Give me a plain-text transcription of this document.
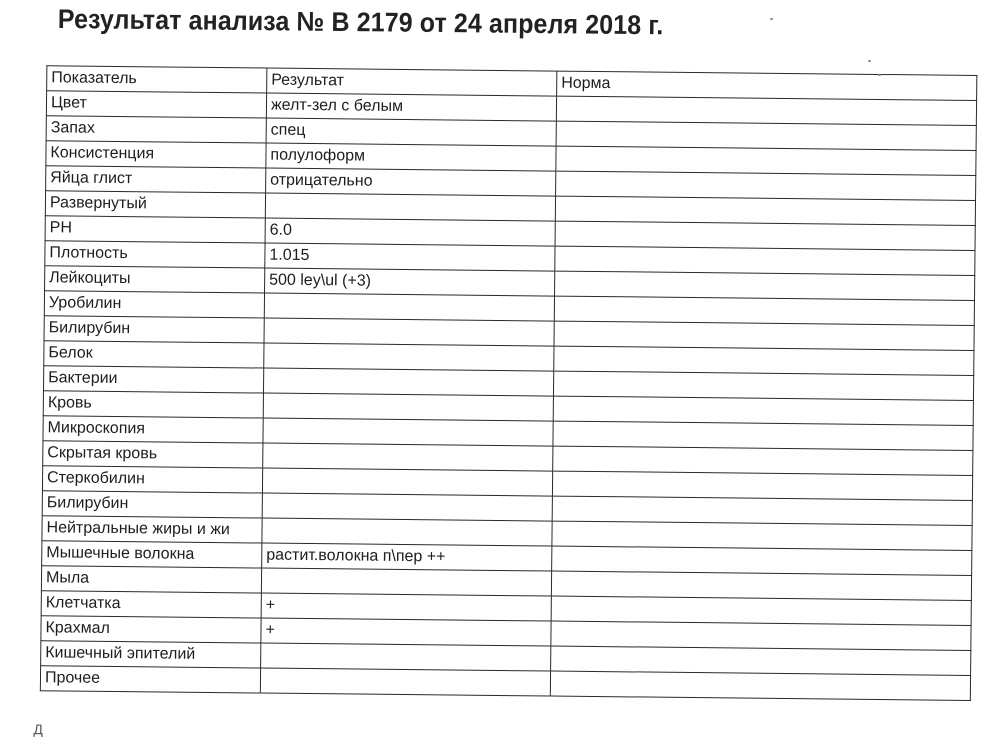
Результат анализа № В 2179 от 24 апреля 2018 г.
Показатель	Результат	Норма
Цвет	желт-зел с белым	
Запах	спец	
Консистенция	полулоформ	
Яйца глист	отрицательно	
Развернутый		
PH	6.0	
Плотность	1.015	
Лейкоциты	500 ley\ul (+3)	
Уробилин		
Билирубин		
Белок		
Бактерии		
Кровь		
Микроскопия		
Скрытая кровь		
Стеркобилин		
Билирубин		
Нейтральные жиры и жи		
Мышечные волокна	растит.волокна п\пер ++	
Мыла		
Клетчатка	+	
Крахмал	+	
Кишечный эпителий		
Прочее		
Д
